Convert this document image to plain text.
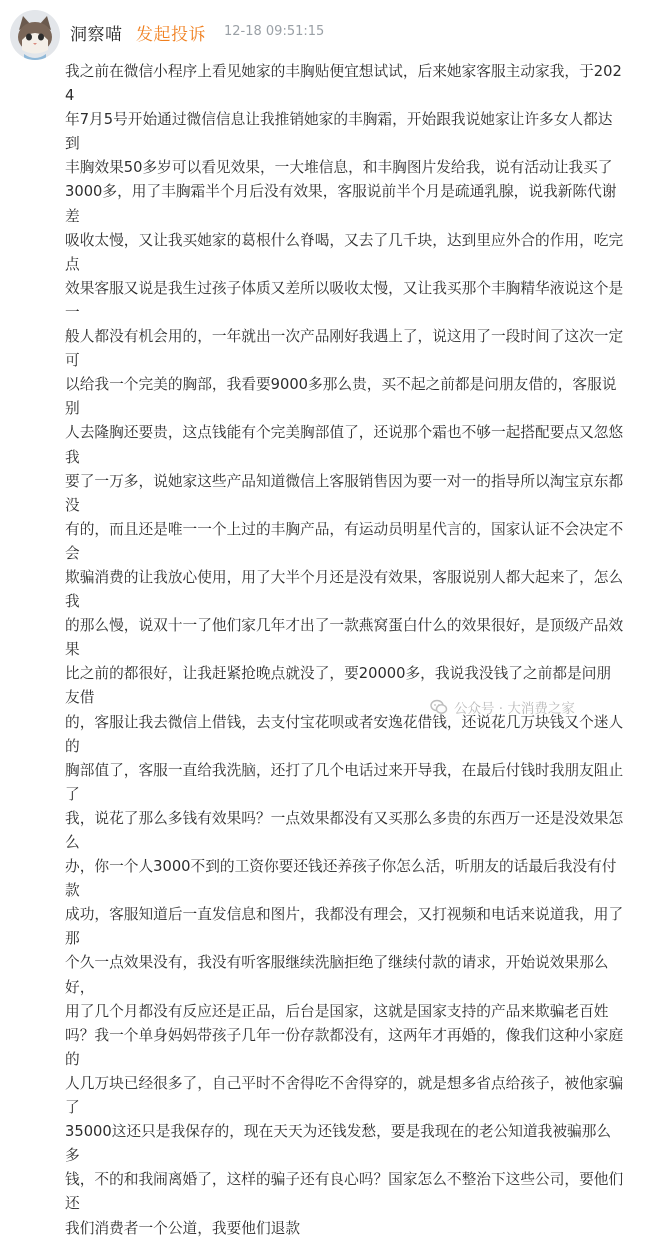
洞察喵 发起投诉 12-18 09:51:15
我之前在微信小程序上看见她家的丰胸贴便宜想试试，后来她家客服主动家我，于2024
年7月5号开始通过微信信息让我推销她家的丰胸霜，开始跟我说她家让许多女人都达到
丰胸效果50多岁可以看见效果，一大堆信息，和丰胸图片发给我，说有活动让我买了
3000多，用了丰胸霜半个月后没有效果，客服说前半个月是疏通乳腺，说我新陈代谢差
吸收太慢，又让我买她家的葛根什么脊喝，又去了几千块，达到里应外合的作用，吃完点
效果客服又说是我生过孩子体质又差所以吸收太慢，又让我买那个丰胸精华液说这个是一
般人都没有机会用的，一年就出一次产品刚好我遇上了，说这用了一段时间了这次一定可
以给我一个完美的胸部，我看要9000多那么贵，买不起之前都是问朋友借的，客服说别
人去隆胸还要贵，这点钱能有个完美胸部值了，还说那个霜也不够一起搭配要点又忽悠我
要了一万多，说她家这些产品知道微信上客服销售因为要一对一的指导所以淘宝京东都没
有的，而且还是唯一一个上过的丰胸产品，有运动员明星代言的，国家认证不会决定不会
欺骗消费的让我放心使用，用了大半个月还是没有效果，客服说别人都大起来了，怎么我
的那么慢，说双十一了他们家几年才出了一款燕窝蛋白什么的效果很好，是顶级产品效果
比之前的都很好，让我赶紧抢晚点就没了，要20000多，我说我没钱了之前都是问朋友借
的，客服让我去微信上借钱，去支付宝花呗或者安逸花借钱，还说花几万块钱又个迷人的
胸部值了，客服一直给我洗脑，还打了几个电话过来开导我，在最后付钱时我朋友阻止了
我，说花了那么多钱有效果吗？一点效果都没有又买那么多贵的东西万一还是没效果怎么
办，你一个人3000不到的工资你要还钱还养孩子你怎么活，听朋友的话最后我没有付款
成功，客服知道后一直发信息和图片，我都没有理会，又打视频和电话来说道我，用了那
个久一点效果没有，我没有听客服继续洗脑拒绝了继续付款的请求，开始说效果那么好，
用了几个月都没有反应还是正品，后台是国家，这就是国家支持的产品来欺骗老百姓
吗？我一个单身妈妈带孩子几年一份存款都没有，这两年才再婚的，像我们这种小家庭的
人几万块已经很多了，自己平时不舍得吃不舍得穿的，就是想多省点给孩子，被他家骗了
35000这还只是我保存的，现在天天为还钱发愁，要是我现在的老公知道我被骗那么多
钱，不的和我闹离婚了，这样的骗子还有良心吗？国家怎么不整治下这些公司，要他们还
我们消费者一个公道，我要他们退款
公众号 · 大消费之家
